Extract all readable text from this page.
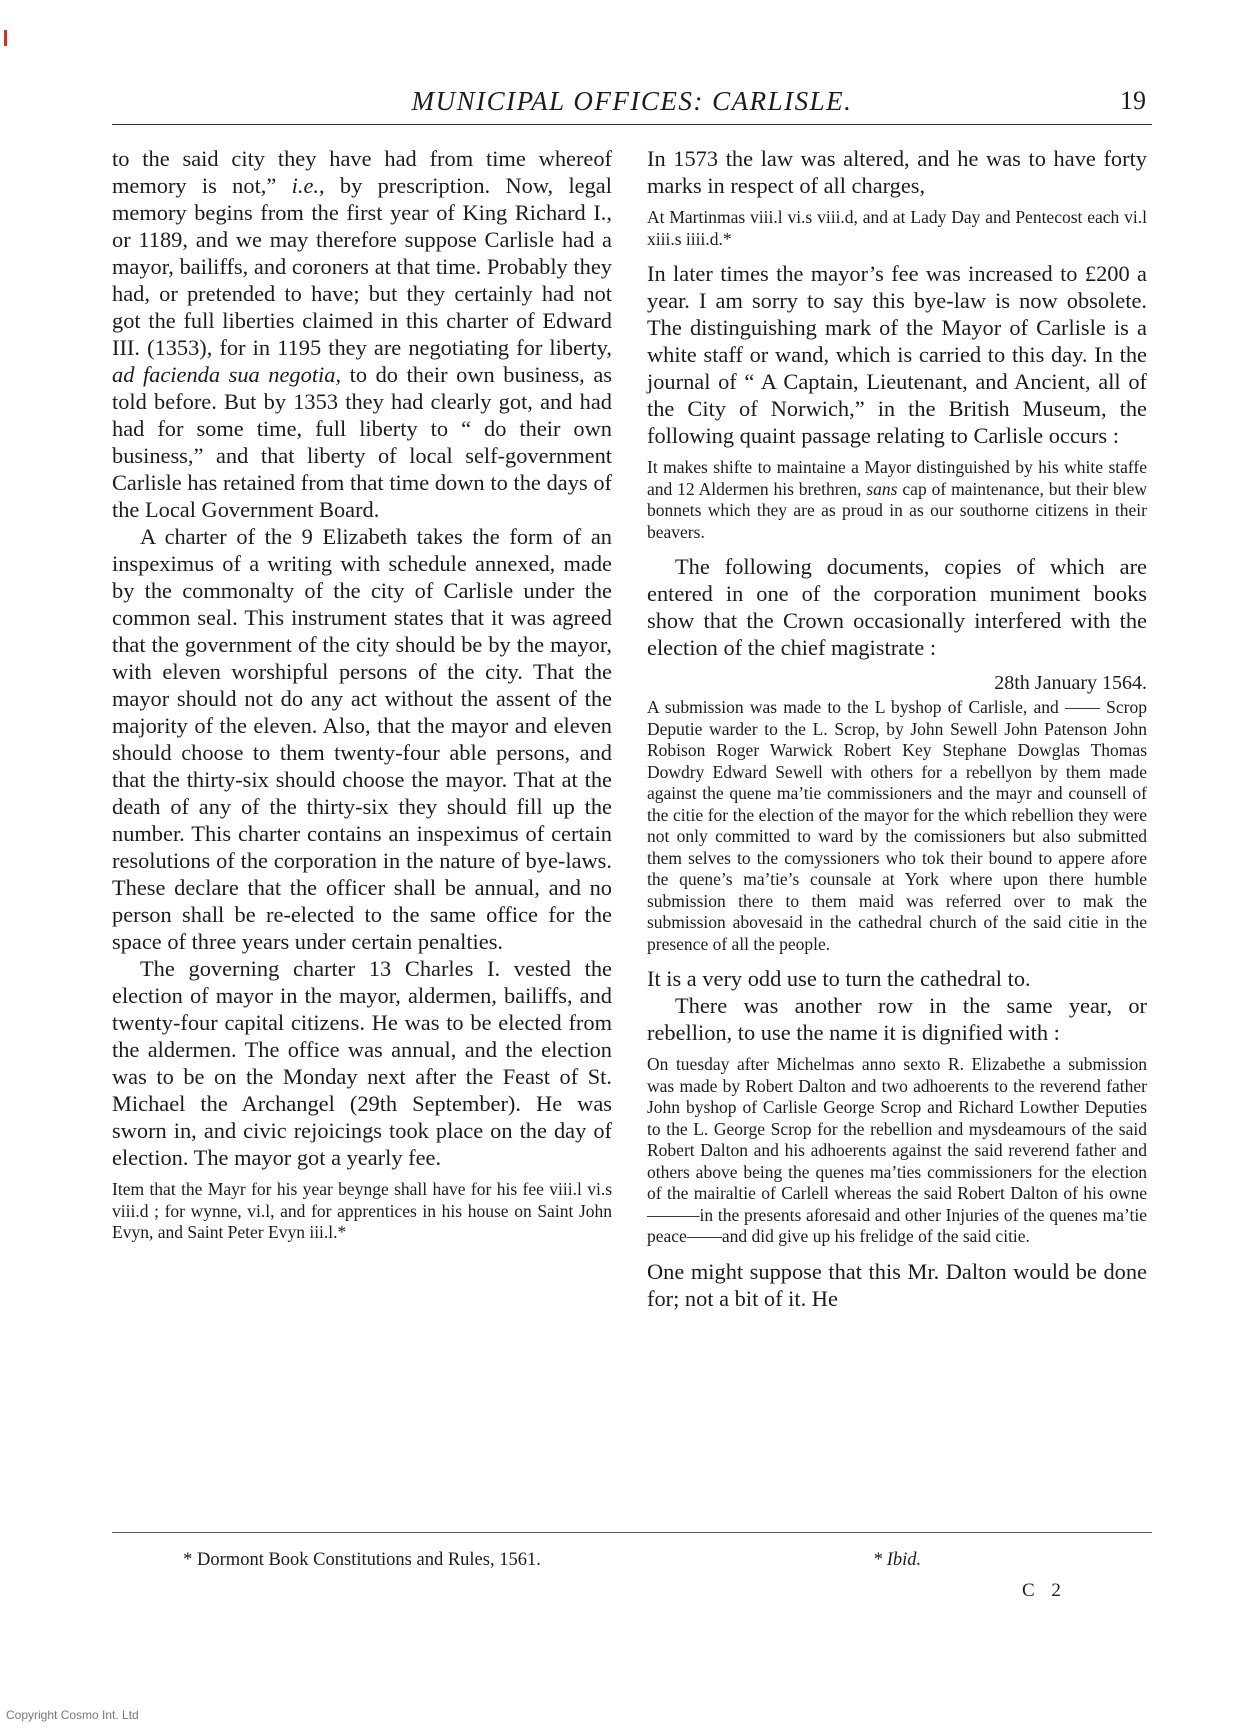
MUNICIPAL OFFICES: CARLISLE.	19

to the said city they have had from time whereof memory is not,” i.e., by prescription. Now, legal memory begins from the first year of King Richard I., or 1189, and we may therefore suppose Carlisle had a mayor, bailiffs, and coroners at that time. Probably they had, or pretended to have; but they certainly had not got the full liberties claimed in this charter of Edward III. (1353), for in 1195 they are negotiating for liberty, ad facienda sua negotia, to do their own business, as told before. But by 1353 they had clearly got, and had had for some time, full liberty to “ do their own business,” and that liberty of local self-government Carlisle has retained from that time down to the days of the Local Government Board.

A charter of the 9 Elizabeth takes the form of an inspeximus of a writing with schedule annexed, made by the commonalty of the city of Carlisle under the common seal. This instrument states that it was agreed that the government of the city should be by the mayor, with eleven worshipful persons of the city. That the mayor should not do any act without the assent of the majority of the eleven. Also, that the mayor and eleven should choose to them twenty-four able persons, and that the thirty-six should choose the mayor. That at the death of any of the thirty-six they should fill up the number. This charter contains an inspeximus of certain resolutions of the corporation in the nature of bye-laws. These declare that the officer shall be annual, and no person shall be re-elected to the same office for the space of three years under certain penalties.

The governing charter 13 Charles I. vested the election of mayor in the mayor, aldermen, bailiffs, and twenty-four capital citizens. He was to be elected from the aldermen. The office was annual, and the election was to be on the Monday next after the Feast of St. Michael the Archangel (29th September). He was sworn in, and civic rejoicings took place on the day of election. The mayor got a yearly fee.

Item that the Mayr for his year beynge shall have for his fee viii.l vi.s viii.d ; for wynne, vi.l, and for apprentices in his house on Saint John Evyn, and Saint Peter Evyn iii.l.*

In 1573 the law was altered, and he was to have forty marks in respect of all charges,

At Martinmas viii.l vi.s viii.d, and at Lady Day and Pentecost each vi.l xiii.s iiii.d.*

In later times the mayor’s fee was increased to £200 a year. I am sorry to say this bye-law is now obsolete. The distinguishing mark of the Mayor of Carlisle is a white staff or wand, which is carried to this day. In the journal of “ A Captain, Lieutenant, and Ancient, all of the City of Norwich,” in the British Museum, the following quaint passage relating to Carlisle occurs :

It makes shifte to maintaine a Mayor distinguished by his white staffe and 12 Aldermen his brethren, sans cap of maintenance, but their blew bonnets which they are as proud in as our southorne citizens in their beavers.

The following documents, copies of which are entered in one of the corporation muniment books show that the Crown occasionally interfered with the election of the chief magistrate :

28th January 1564.

A submission was made to the L byshop of Carlisle, and —— Scrop Deputie warder to the L. Scrop, by John Sewell John Patenson John Robison Roger Warwick Robert Key Stephane Dowglas Thomas Dowdry Edward Sewell with others for a rebellyon by them made against the quene ma’tie commissioners and the mayr and counsell of the citie for the election of the mayor for the which rebellion they were not only committed to ward by the comissioners but also submitted them selves to the comyssioners who tok their bound to appere afore the quene’s ma’tie’s counsale at York where upon there humble submission there to them maid was referred over to mak the submission abovesaid in the cathedral church of the said citie in the presence of all the people.

It is a very odd use to turn the cathedral to.

There was another row in the same year, or rebellion, to use the name it is dignified with :

On tuesday after Michelmas anno sexto R. Elizabethe a submission was made by Robert Dalton and two adhoerents to the reverend father John byshop of Carlisle George Scrop and Richard Lowther Deputies to the L. George Scrop for the rebellion and mysdeamours of the said Robert Dalton and his adhoerents against the said reverend father and others above being the quenes ma’ties commissioners for the election of the mairaltie of Carlell whereas the said Robert Dalton of his owne———in the presents aforesaid and other Injuries of the quenes ma’tie peace——and did give up his frelidge of the said citie.

One might suppose that this Mr. Dalton would be done for; not a bit of it. He

* Dormont Book Constitutions and Rules, 1561.	* Ibid.
C 2
Copyright Cosmo Int. Ltd
